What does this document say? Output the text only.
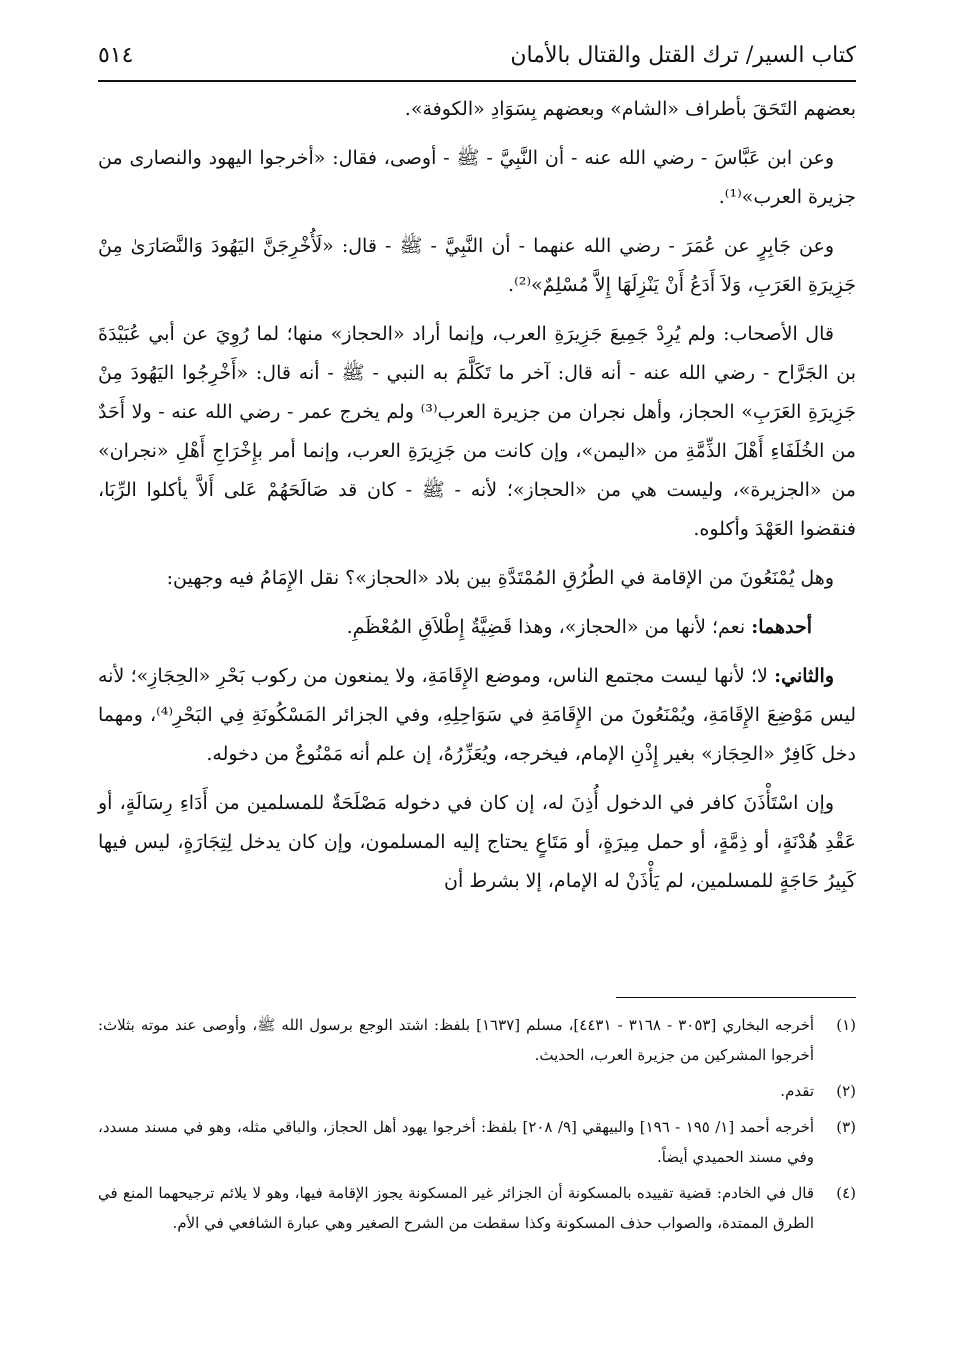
كتاب السير/ ترك القتل والقتال بالأمان
٥١٤

بعضهم التَحَقَ بأطراف «الشام» وبعضهم بِسَوَادِ «الكوفة».

وعن ابن عَبَّاسَ - رضي الله عنه - أن النَّبِيَّ - ﷺ - أوصى، فقال: «أخرجوا اليهود والنصارى من جزيرة العرب»⁽¹⁾.

وعن جَابِرٍ عن عُمَرَ - رضي الله عنهما - أن النَّبِيَّ - ﷺ - قال: «لَأُخْرِجَنَّ اليَهُودَ وَالنَّصَارَىٰ مِنْ جَزِيرَةِ العَرَبِ، وَلاَ أَدَعُ أَنْ يَنْزِلَهَا إِلاَّ مُسْلِمٌ»⁽²⁾.

قال الأصحاب: ولم يُرِدْ جَمِيعَ جَزِيرَةِ العرب، وإنما أراد «الحجاز» منها؛ لما رُوِيَ عن أبي عُبَيْدَةَ بن الجَرَّاح - رضي الله عنه - أنه قال: آخر ما تَكَلَّمَ به النبي - ﷺ - أنه قال: «أَخْرِجُوا اليَهُودَ مِنْ جَزِيرَةِ العَرَبِ» الحجاز، وأهل نجران من جزيرة العرب⁽³⁾ ولم يخرج عمر - رضي الله عنه - ولا أَحَدٌ من الخُلَفَاءِ أَهْلَ الذِّمَّةِ من «اليمن»، وإن كانت من جَزِيرَةِ العرب، وإنما أمر بإِخْرَاجِ أَهْلِ «نجران» من «الجزيرة»، وليست هي من «الحجاز»؛ لأنه - ﷺ - كان قد صَالَحَهُمْ عَلى أَلاَّ يأكلوا الرِّبَا، فنقضوا العَهْدَ وأكلوه.

وهل يُمْنَعُونَ من الإقامة في الطُرُقِ المُمْتَدَّةِ بين بلاد «الحجاز»؟ نقل الإِمَامُ فيه وجهين:

أحدهما: نعم؛ لأنها من «الحجاز»، وهذا قَضِيَّةُ إِطْلاَقِ المُعْظَمِ.

والثاني: لا؛ لأنها ليست مجتمع الناس، وموضع الإِقَامَةِ، ولا يمنعون من ركوب بَحْرِ «الحِجَازِ»؛ لأنه ليس مَوْضِعَ الإِقَامَةِ، ويُمْنَعُونَ من الإِقَامَةِ في سَوَاحِلِهِ، وفي الجزائر المَسْكُونَةِ فِي البَحْرِ⁽⁴⁾، ومهما دخل كَافِرٌ «الحِجَاز» بغير إِذْنِ الإمام، فيخرجه، ويُعَزِّرُهُ، إن علم أنه مَمْنُوعٌ من دخوله.

وإن اسْتَأْذَنَ كافر في الدخول أُذِنَ له، إن كان في دخوله مَصْلَحَةٌ للمسلمين من أَدَاءِ رِسَالَةٍ، أو عَقْدِ هُدْنَةٍ، أو ذِمَّةٍ، أو حمل مِيرَةٍ، أو مَتَاعٍ يحتاج إليه المسلمون، وإن كان يدخل لِتِجَارَةٍ، ليس فيها كَبِيرُ حَاجَةٍ للمسلمين، لم يَأْذَنْ له الإمام، إلا بشرط أن

(١)
أخرجه البخاري [٣٠٥٣ - ٣١٦٨ - ٤٤٣١]، مسلم [١٦٣٧] بلفظ: اشتد الوجع برسول الله ﷺ، وأوصى عند موته بثلاث: أخرجوا المشركين من جزيرة العرب، الحديث.
(٢)
تقدم.
(٣)
أخرجه أحمد [١/ ١٩٥ - ١٩٦] والبيهقي [٩/ ٢٠٨] بلفظ: أخرجوا يهود أهل الحجاز، والباقي مثله، وهو في مسند مسدد، وفي مسند الحميدي أيضاً.
(٤)
قال في الخادم: قضية تقييده بالمسكونة أن الجزائر غير المسكونة يجوز الإقامة فيها، وهو لا يلائم ترجيحهما المنع في الطرق الممتدة، والصواب حذف المسكونة وكذا سقطت من الشرح الصغير وهي عبارة الشافعي في الأم.
